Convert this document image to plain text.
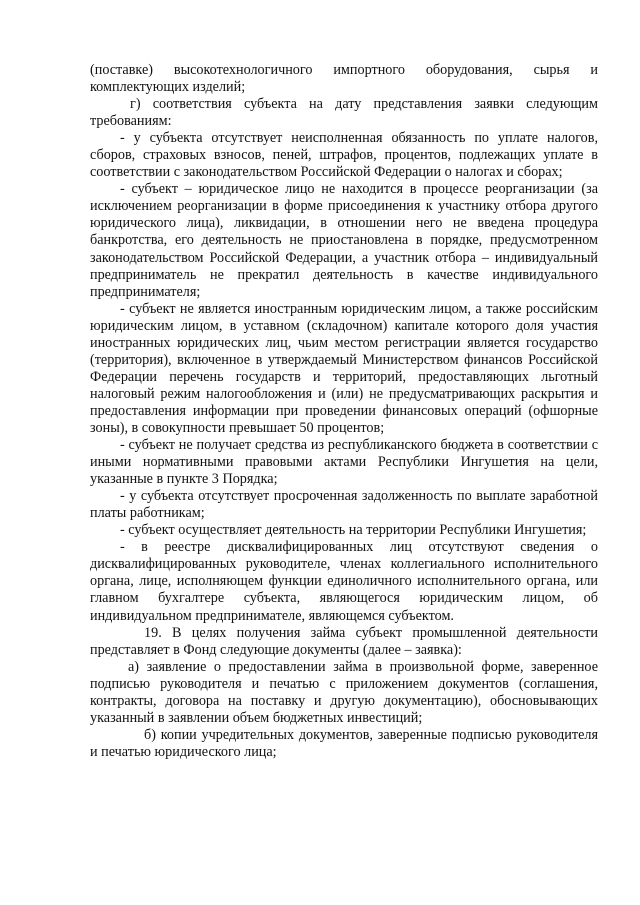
(поставке) высокотехнологичного импортного оборудования, сырья и комплектующих изделий;

г) соответствия субъекта на дату представления заявки следующим требованиям:

- у субъекта отсутствует неисполненная обязанность по уплате налогов, сборов, страховых взносов, пеней, штрафов, процентов, подлежащих уплате в соответствии с законодательством Российской Федерации о налогах и сборах;

- субъект – юридическое лицо не находится в процессе реорганизации (за исключением реорганизации в форме присоединения к участнику отбора другого юридического лица), ликвидации, в отношении него не введена процедура банкротства, его деятельность не приостановлена в порядке, предусмотренном законодательством Российской Федерации, а участник отбора – индивидуальный предприниматель не прекратил деятельность в качестве индивидуального предпринимателя;

- субъект не является иностранным юридическим лицом, а также российским юридическим лицом, в уставном (складочном) капитале которого доля участия иностранных юридических лиц, чьим местом регистрации является государство (территория), включенное в утверждаемый Министерством финансов Российской Федерации перечень государств и территорий, предоставляющих льготный налоговый режим налогообложения и (или) не предусматривающих раскрытия и предоставления информации при проведении финансовых операций (офшорные зоны), в совокупности превышает 50 процентов;

- субъект не получает средства из республиканского бюджета в соответствии с иными нормативными правовыми актами Республики Ингушетия на цели, указанные в пункте 3 Порядка;

- у субъекта отсутствует просроченная задолженность по выплате заработной платы работникам;

- субъект осуществляет деятельность на территории Республики Ингушетия;

- в реестре дисквалифицированных лиц отсутствуют сведения о дисквалифицированных руководителе, членах коллегиального исполнительного органа, лице, исполняющем функции единоличного исполнительного органа, или главном бухгалтере субъекта, являющегося юридическим лицом, об индивидуальном предпринимателе, являющемся субъектом.

19. В целях получения займа субъект промышленной деятельности представляет в Фонд следующие документы (далее – заявка):

а) заявление о предоставлении займа в произвольной форме, заверенное подписью руководителя и печатью с приложением документов (соглашения, контракты, договора на поставку и другую документацию), обосновывающих указанный в заявлении объем бюджетных инвестиций;

б) копии учредительных документов, заверенные подписью руководителя и печатью юридического лица;
